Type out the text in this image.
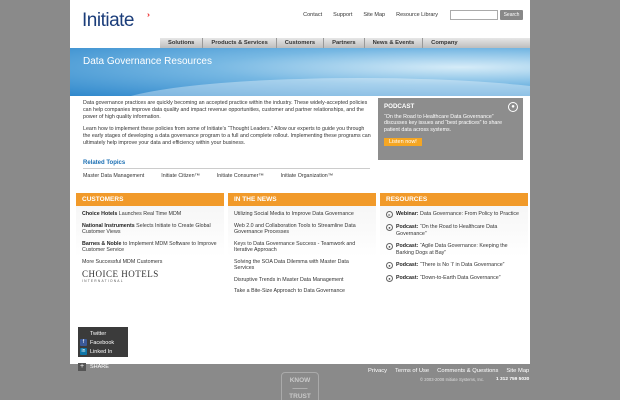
Initiate ›››	Contact Support Site Map Resource Library	Search
Solutions	Products & Services	Customers	Partners	News & Events	Company
Data Governance Resources

Data governance practices are quickly becoming an accepted practice within the industry. These widely-accepted policies can help companies improve data quality and impact revenue opportunities, customer and partner relationships, and the power of high quality information.

Learn how to implement these policies from some of Initiate’s “Thought Leaders.” Allow our experts to guide you through the early stages of developing a data governance program to a full and complete rollout. Implementing these programs can ultimately help improve your data and efficiency within your business.

Related Topics
Master Data Management	Initiate Citizen™	Initiate Consumer™	Initiate Organization™
PODCAST	●
“On the Road to Healthcare Data Governance” discusses key issues and “best practices” to share patient data across systems.
Listen now!
CUSTOMERS
Choice Hotels Launches Real Time MDM
National Instruments Selects Initiate to Create Global Customer Views
Barnes & Noble to Implement MDM Software to Improve Customer Service
More Successful MDM Customers
CHOICE HOTELS
INTERNATIONAL
IN THE NEWS
Utilizing Social Media to Improve Data Governance
Web 2.0 and Collaboration Tools to Streamline Data Governance Processes
Keys to Data Governance Success - Teamwork and Iterative Approach
Solving the SOA Data Dilemma with Master Data Services
Disruptive Trends in Master Data Management
Take a Bite-Size Approach to Data Governance
RESOURCES
▸	Webinar: Data Governance: From Policy to Practice
● Podcast: “On the Road to Healthcare Data Governance”
● Podcast: “Agile Data Governance: Keeping the Barking Dogs at Bay”
● Podcast: “There is No ‘I’ in Data Governance”
● Podcast: “Down-to-Earth Data Governance”
Twitter
f	Facebook
in Linked In
+	SHARE
KNOW
———
TRUST
Privacy Terms of Use Comments & Questions Site Map
© 2003-2008 Initiate Systems, Inc. 1 312 759 5030
